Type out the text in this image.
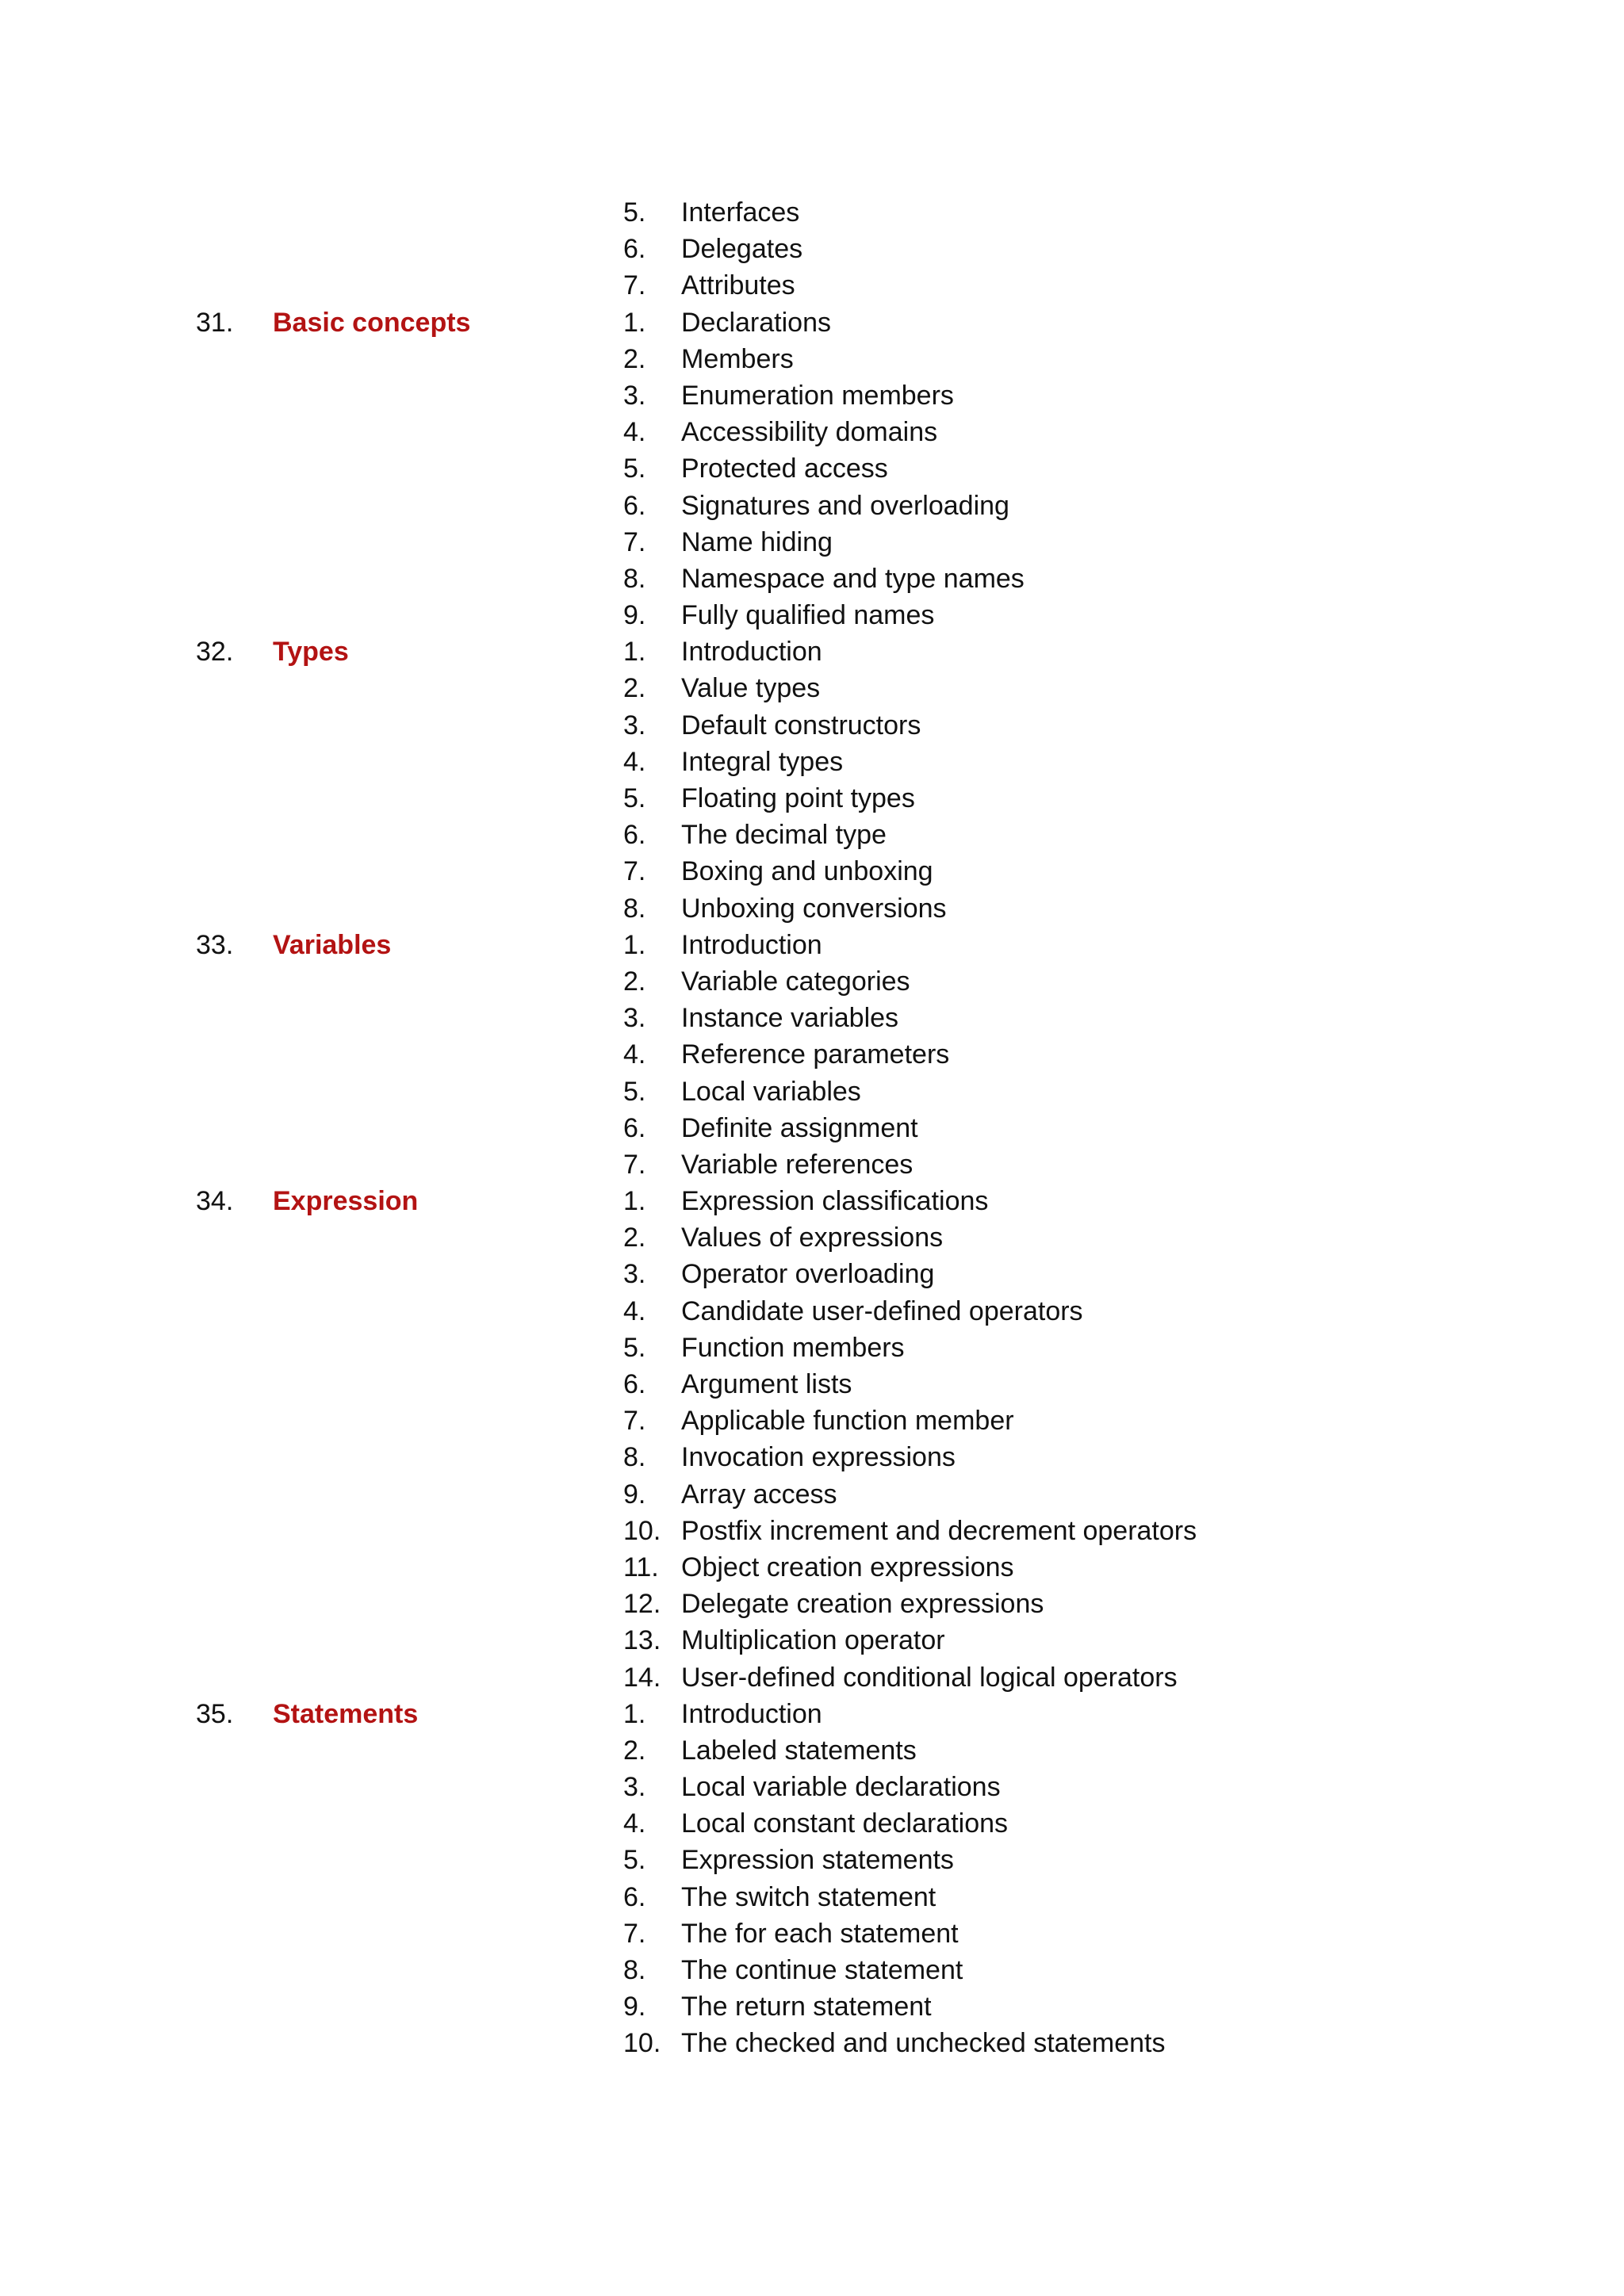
5. Interfaces
6. Delegates
7. Attributes
31. Basic concepts	1. Declarations
2. Members
3. Enumeration members
4. Accessibility domains
5. Protected access
6. Signatures and overloading
7. Name hiding
8. Namespace and type names
9. Fully qualified names
32. Types	1. Introduction
2. Value types
3. Default constructors
4. Integral types
5. Floating point types
6. The decimal type
7. Boxing and unboxing
8. Unboxing conversions
33. Variables	1. Introduction
2. Variable categories
3. Instance variables
4. Reference parameters
5. Local variables
6. Definite assignment
7. Variable references
34. Expression	1. Expression classifications
2. Values of expressions
3. Operator overloading
4. Candidate user-defined operators
5. Function members
6. Argument lists
7. Applicable function member
8. Invocation expressions
9. Array access
10. Postfix increment and decrement operators
11. Object creation expressions
12. Delegate creation expressions
13. Multiplication operator
14. User-defined conditional logical operators
35. Statements	1. Introduction
2. Labeled statements
3. Local variable declarations
4. Local constant declarations
5. Expression statements
6. The switch statement
7. The for each statement
8. The continue statement
9. The return statement
10. The checked and unchecked statements
